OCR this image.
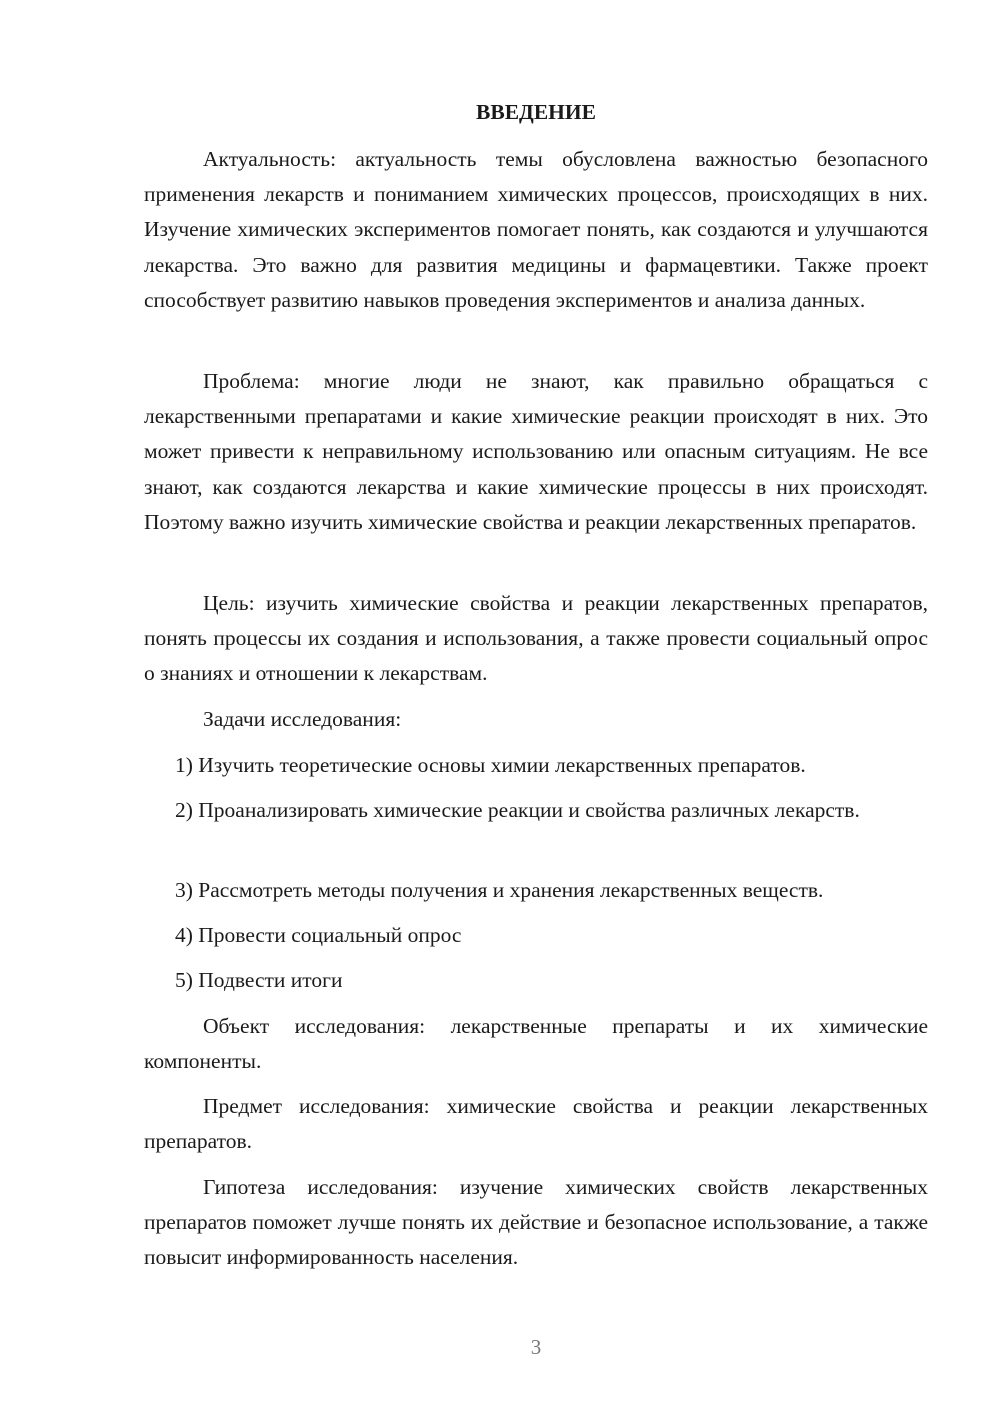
ВВЕДЕНИЕ

Актуальность: актуальность темы обусловлена важностью безопасного применения лекарств и пониманием химических процессов, происходящих в них. Изучение химических экспериментов помогает понять, как создаются и улучшаются лекарства. Это важно для развития медицины и фармацевтики. Также проект способствует развитию навыков проведения экспериментов и анализа данных.

Проблема: многие люди не знают, как правильно обращаться с лекарственными препаратами и какие химические реакции происходят в них. Это может привести к неправильному использованию или опасным ситуациям. Не все знают, как создаются лекарства и какие химические процессы в них происходят. Поэтому важно изучить химические свойства и реакции лекарственных препаратов.

Цель: изучить химические свойства и реакции лекарственных препаратов, понять процессы их создания и использования, а также провести социальный опрос о знаниях и отношении к лекарствам.

Задачи исследования:

1) Изучить теоретические основы химии лекарственных препаратов.

2) Проанализировать химические реакции и свойства различных лекарств.

3) Рассмотреть методы получения и хранения лекарственных веществ.

4) Провести социальный опрос

5) Подвести итоги

Объект исследования: лекарственные препараты и их химические компоненты.

Предмет исследования: химические свойства и реакции лекарственных препаратов.

Гипотеза исследования: изучение химических свойств лекарственных препаратов поможет лучше понять их действие и безопасное использование, а также повысит информированность населения.

3
